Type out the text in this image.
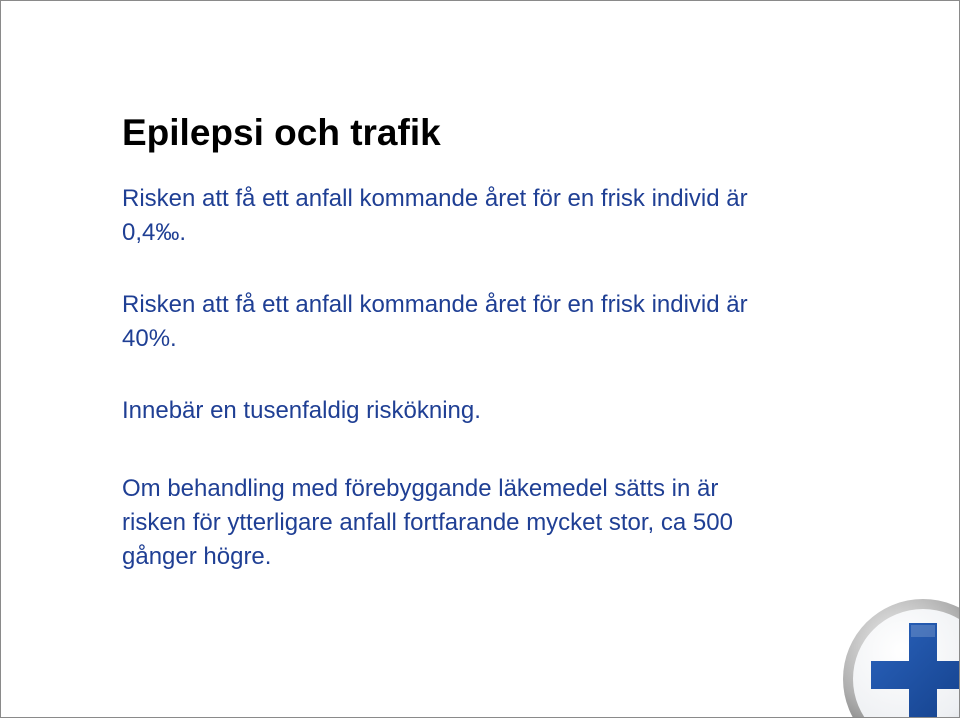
Epilepsi och trafik

Risken att få ett anfall kommande året för en frisk individ är
0,4‰.

Risken att få ett anfall kommande året för en frisk individ är
40%.

Innebär en tusenfaldig riskökning.

Om behandling med förebyggande läkemedel sätts in är
risken för ytterligare anfall fortfarande mycket stor, ca 500
gånger högre.
